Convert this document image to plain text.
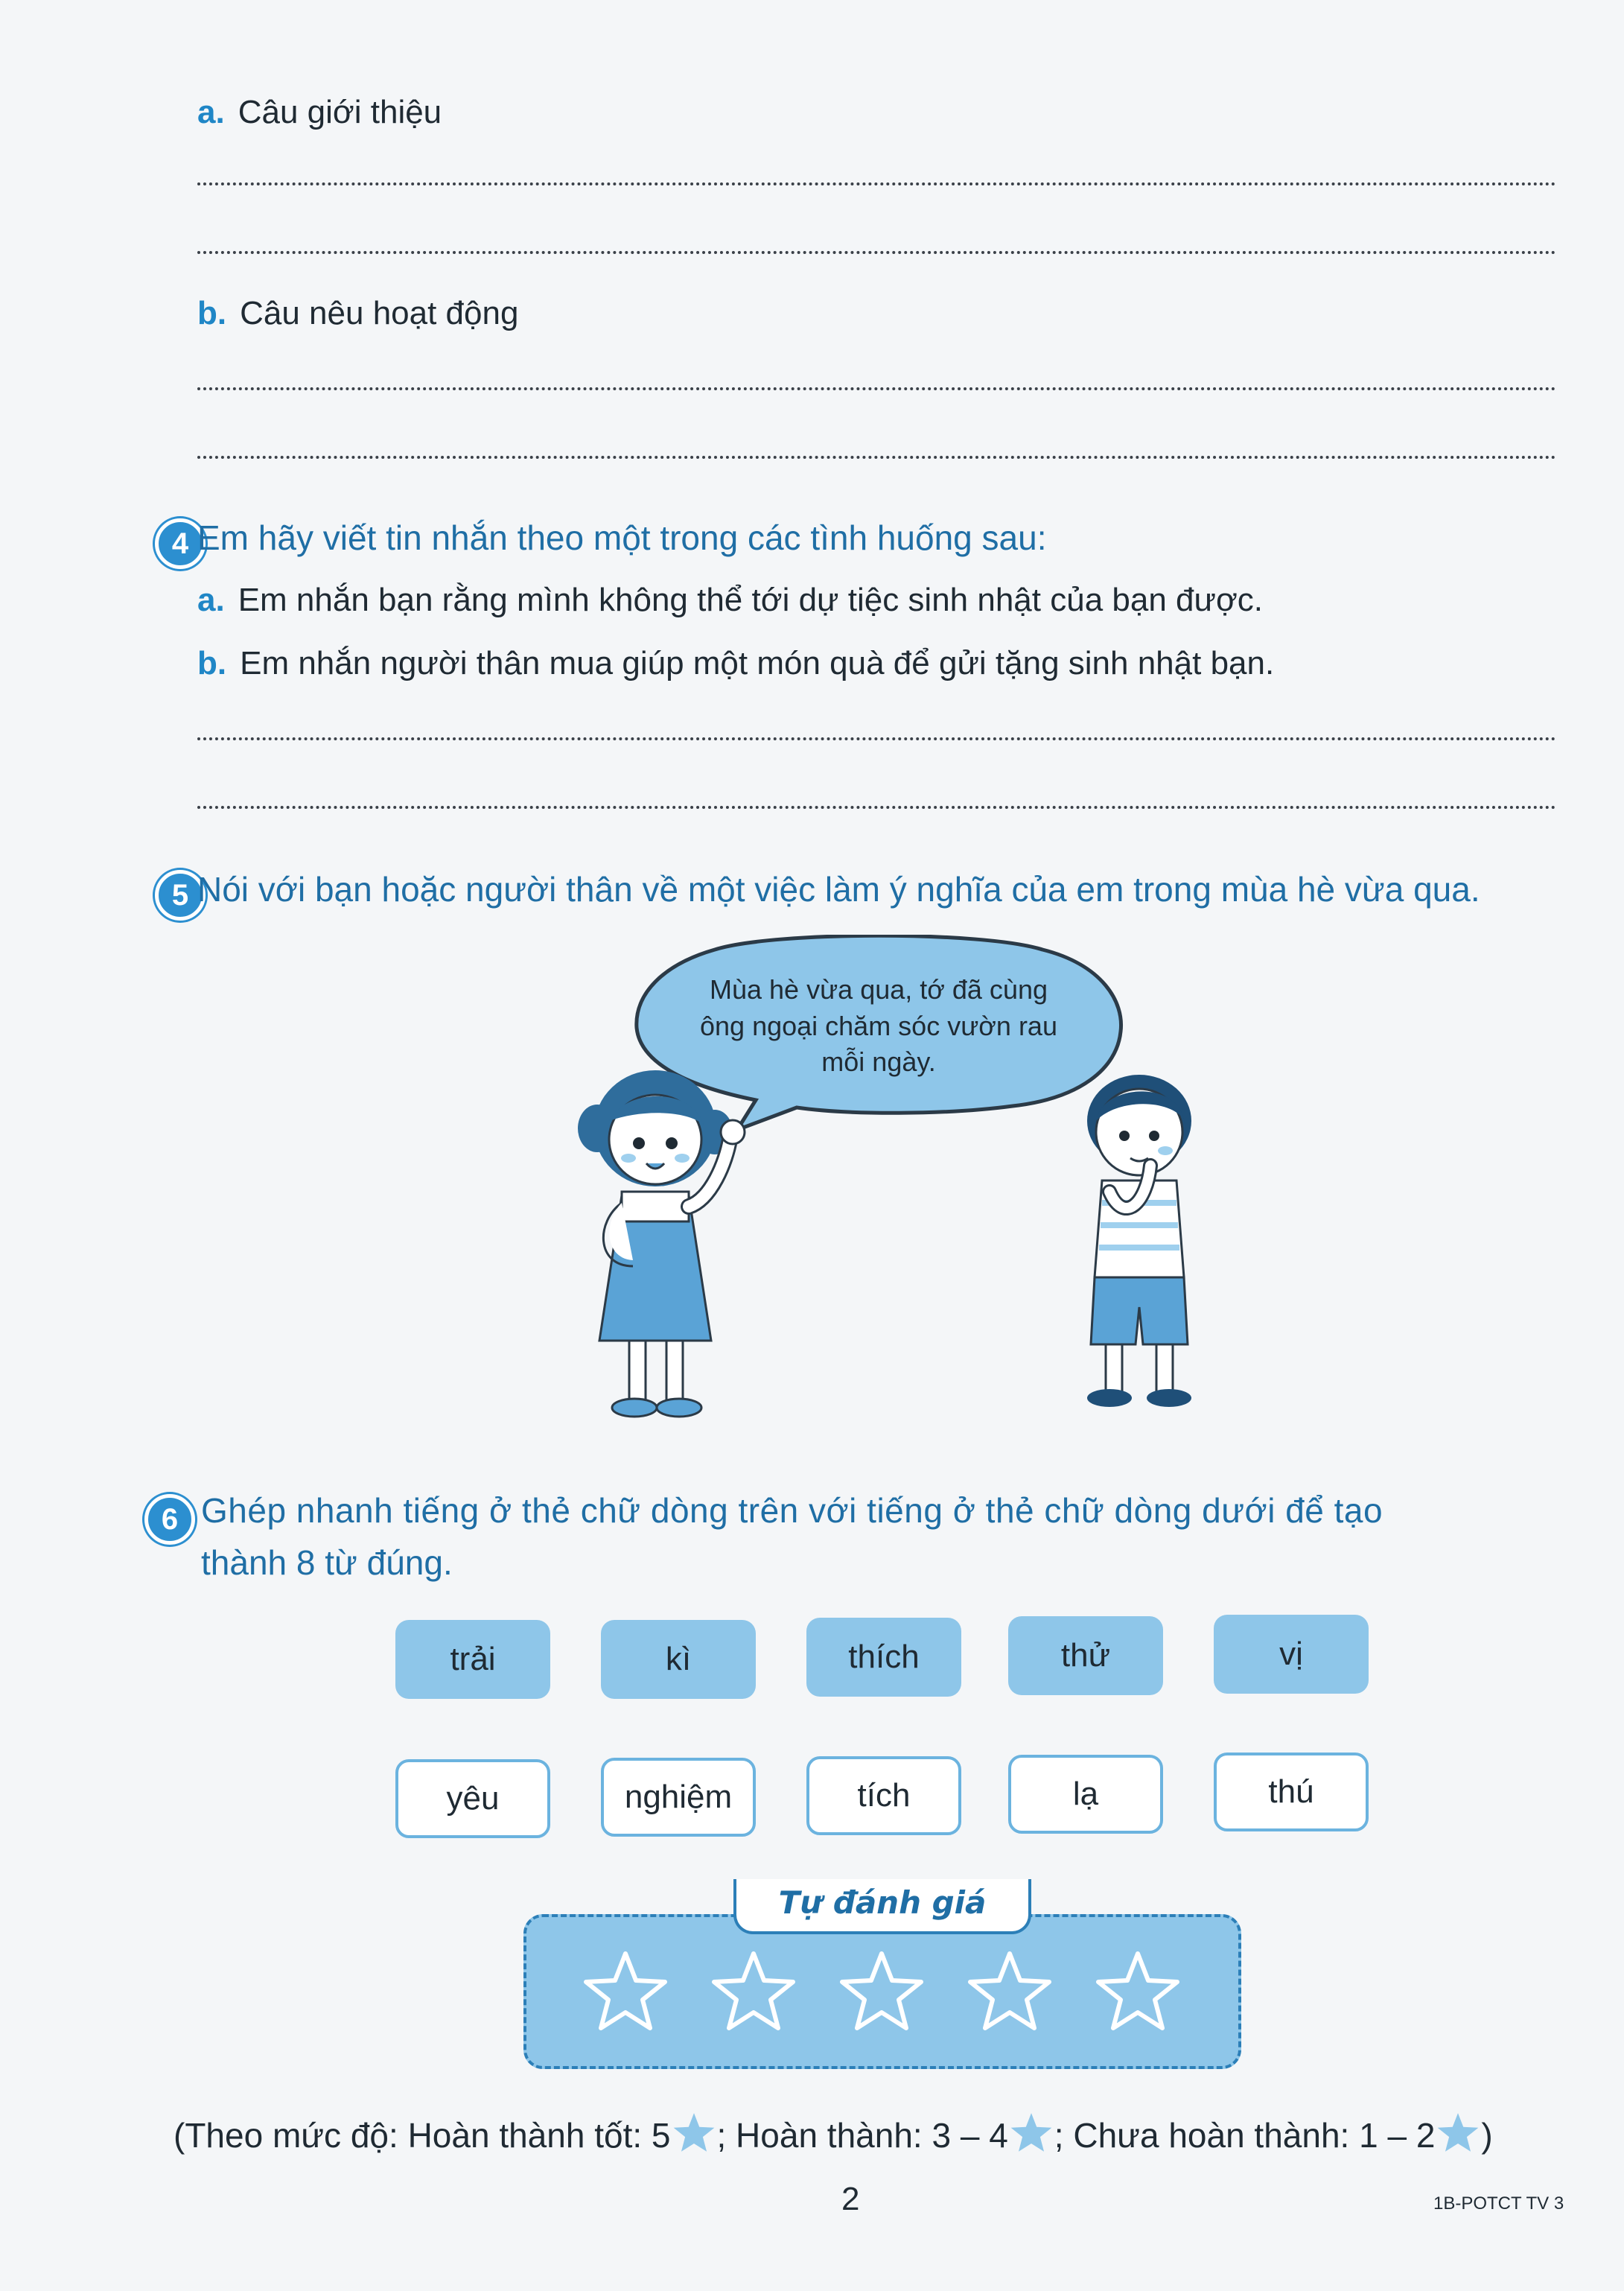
a. Câu giới thiệu
b. Câu nêu hoạt động
4 Em hãy viết tin nhắn theo một trong các tình huống sau:
a. Em nhắn bạn rằng mình không thể tới dự tiệc sinh nhật của bạn được.
b. Em nhắn người thân mua giúp một món quà để gửi tặng sinh nhật bạn.
5 Nói với bạn hoặc người thân về một việc làm ý nghĩa của em trong mùa hè vừa qua.
Mùa hè vừa qua, tớ đã cùng
ông ngoại chăm sóc vườn rau
mỗi ngày.
6 Ghép nhanh tiếng ở thẻ chữ dòng trên với tiếng ở thẻ chữ dòng dưới để tạo
thành 8 từ đúng.
trải	kì	thích	thử	vị
yêu	nghiệm	tích	lạ	thú
Tự đánh giá
(Theo mức độ: Hoàn thành tốt: 5 ; Hoàn thành: 3 – 4 ; Chưa hoàn thành: 1 – 2 )
2	1B-POTCT TV 3
